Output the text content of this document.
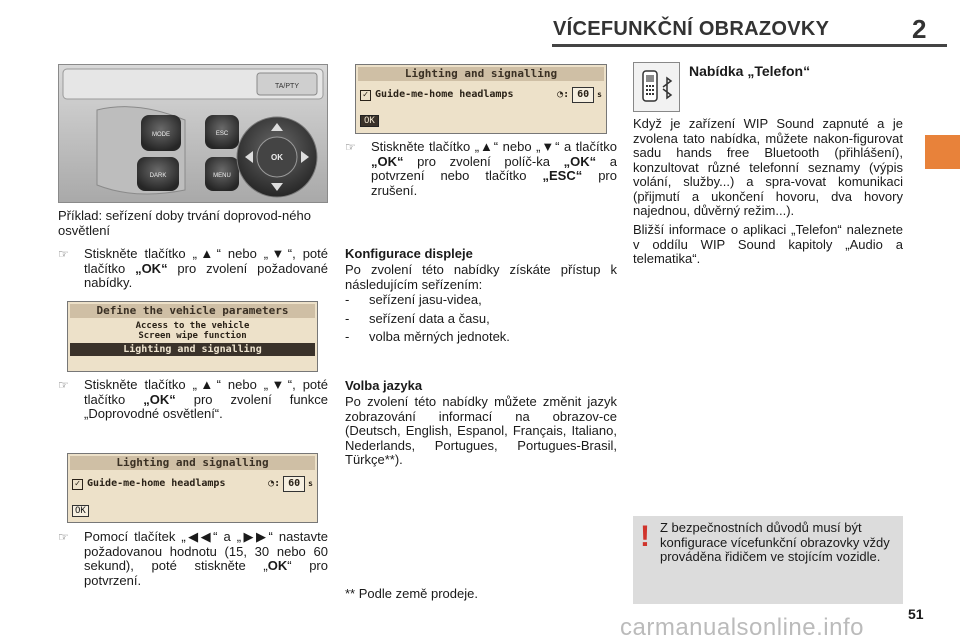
VÍCEFUNKČNÍ OBRAZOVKY	2
TA/PTY
MODE
DARK
ESC
MENU
OK
Příklad: seřízení doby trvání doprovod-ného osvětlení
☞	Stiskněte tlačítko „▲“ nebo „▼“, poté tlačítko „OK“ pro zvolení požadované nabídky.
Define the vehicle parameters
Access to the vehicle
Screen wipe function
Lighting and signalling
☞	Stiskněte tlačítko „▲“ nebo „▼“, poté tlačítko „OK“ pro zvolení funkce „Doprovodné osvětlení“.
Lighting and signalling
✓ Guide-me-home headlamps	◔: 60	s
OK
☞	Pomocí tlačítek „◀◀“ a „▶▶“ nastavte požadovanou hodnotu (15, 30 nebo 60 sekund), poté stiskněte „OK“ pro potvrzení.
Lighting and signalling
✓ Guide-me-home headlamps	◔: 60	s
OK
☞	Stiskněte tlačítko „▲“ nebo „▼“ a tlačítko „OK“ pro zvolení políč-ka „OK“ a potvrzení nebo tlačítko „ESC“ pro zrušení.
Konfigurace displeje
Po zvolení této nabídky získáte přístup k následujícím seřízením:
-	seřízení jasu-videa,
-	seřízení data a času,
-	volba měrných jednotek.
Volba jazyka
Po zvolení této nabídky můžete změnit jazyk zobrazování informací na obrazov-ce (Deutsch, English, Espanol, Français, Italiano, Nederlands, Portugues, Portugues-Brasil, Türkçe**).
** Podle země prodeje.
Nabídka „Telefon“
Když je zařízení WIP Sound zapnuté a je zvolena tato nabídka, můžete nakon-figurovat sadu hands free Bluetooth (přihlášení), konzultovat různé telefonní seznamy (výpis volání, služby...) a spra-vovat komunikaci (přijmutí a ukončení hovoru, dva hovory najednou, důvěrný režim...).
Bližší informace o aplikaci „Telefon“ naleznete v oddílu WIP Sound kapitoly „Audio a telematika“.
! Z bezpečnostních důvodů musí být konfigurace vícefunkční obrazovky vždy prováděna řidičem ve stojícím vozidle.
carmanualsonline.info	51
